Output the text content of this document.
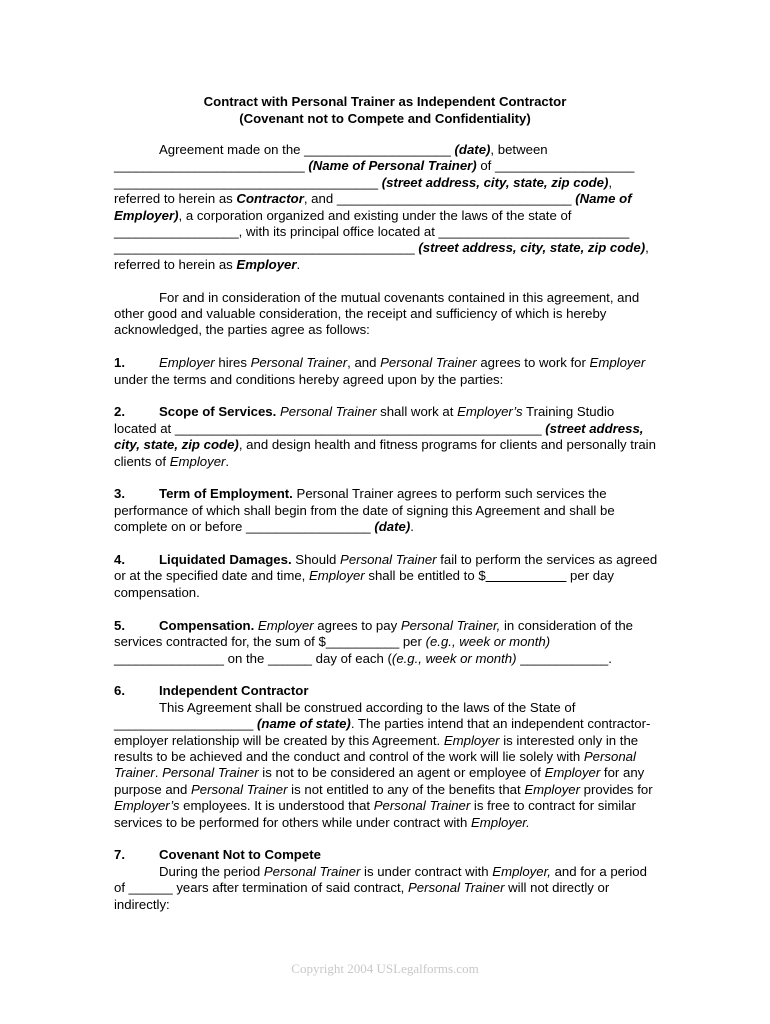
Contract with Personal Trainer as Independent Contractor
(Covenant not to Compete and Confidentiality)

Agreement made on the ____________________ (date), between

__________________________ (Name of Personal Trainer) of ___________________

____________________________________ (street address, city, state, zip code),

referred to herein as Contractor, and ________________________________ (Name of Employer), a corporation organized and existing under the laws of the state of

_________________, with its principal office located at __________________________

_________________________________________ (street address, city, state, zip code),

referred to herein as Employer.

For and in consideration of the mutual covenants contained in this agreement, and other good and valuable consideration, the receipt and sufficiency of which is hereby acknowledged, the parties agree as follows:

1.	Employer hires Personal Trainer, and Personal Trainer agrees to work for Employer under the terms and conditions hereby agreed upon by the parties:

2.	Scope of Services. Personal Trainer shall work at Employer’s Training Studio located at __________________________________________________ (street address, city, state, zip code), and design health and fitness programs for clients and personally train clients of Employer.

3.	Term of Employment. Personal Trainer agrees to perform such services the performance of which shall begin from the date of signing this Agreement and shall be complete on or before _________________ (date).

4.	Liquidated Damages. Should Personal Trainer fail to perform the services as agreed or at the specified date and time, Employer shall be entitled to $___________ per day compensation.

5.	Compensation. Employer agrees to pay Personal Trainer, in consideration of the services contracted for, the sum of $__________ per (e.g., week or month) _______________ on the ______ day of each ((e.g., week or month) ____________.

6.	Independent Contractor

This Agreement shall be construed according to the laws of the State of ___________________ (name of state). The parties intend that an independent contractor-employer relationship will be created by this Agreement. Employer is interested only in the results to be achieved and the conduct and control of the work will lie solely with Personal Trainer. Personal Trainer is not to be considered an agent or employee of Employer for any purpose and Personal Trainer is not entitled to any of the benefits that Employer provides for Employer’s employees. It is understood that Personal Trainer is free to contract for similar services to be performed for others while under contract with Employer.

7.	Covenant Not to Compete

During the period Personal Trainer is under contract with Employer, and for a period of ______ years after termination of said contract, Personal Trainer will not directly or indirectly:

Copyright 2004 USLegalforms.com
